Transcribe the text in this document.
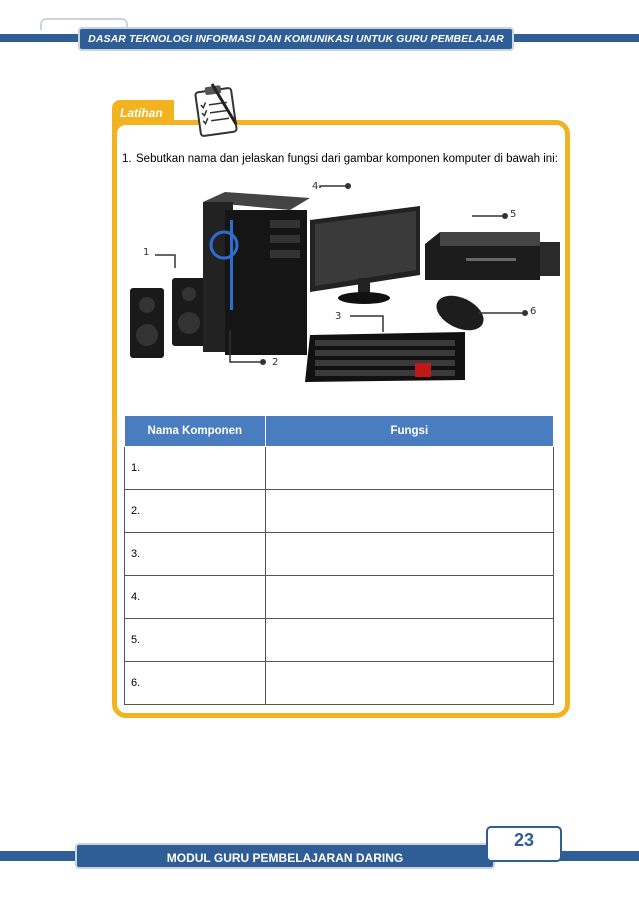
DASAR TEKNOLOGI INFORMASI DAN KOMUNIKASI UNTUK GURU PEMBELAJAR DARING
Latihan
1. Sebutkan nama dan jelaskan fungsi dari gambar komponen komputer di bawah ini:
1
2
3
4
5
6
Nama Komponen	Fungsi
1.	
2.	
3.	
4.	
5.	
6.	
MODUL GURU PEMBELAJARAN DARING
23
